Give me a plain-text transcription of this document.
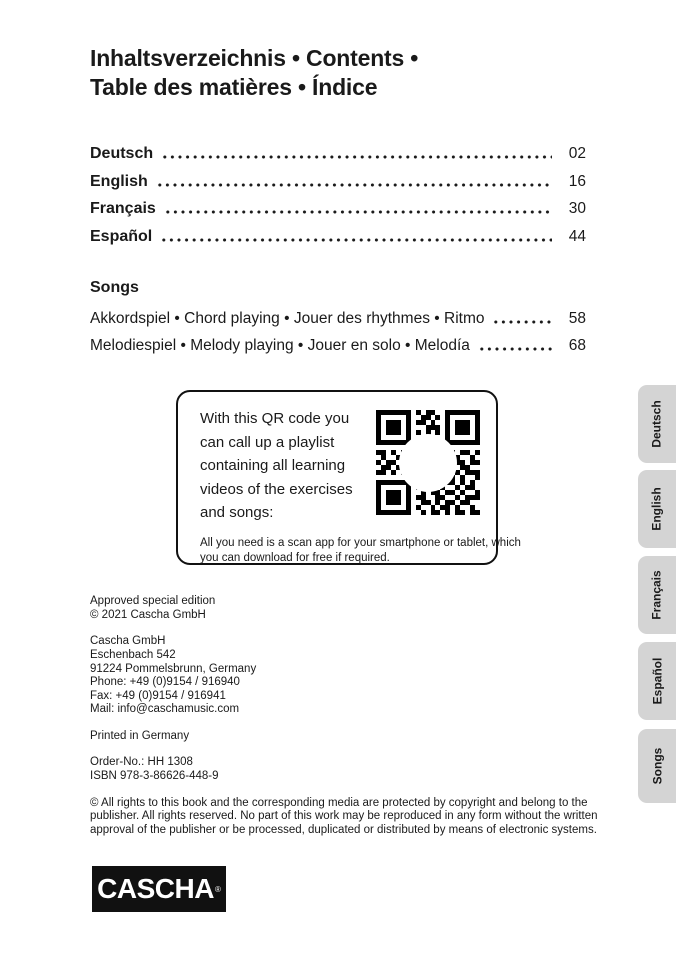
Inhaltsverzeichnis • Contents •
Table des matières • Índice
Deutsch	02
English	16
Français	30
Español	44
Songs
Akkordspiel • Chord playing • Jouer des rhythmes • Ritmo	58
Melodiespiel • Melody playing • Jouer en solo • Melodía	68
With this QR code you can call up a playlist containing all learning videos of the exercises and songs:
All you need is a scan app for your smartphone or tablet, which you can download for free if required.
Approved special edition
© 2021 Cascha GmbH
Cascha GmbH
Eschenbach 542
91224 Pommelsbrunn, Germany
Phone: +49 (0)9154 / 916940
Fax: +49 (0)9154 / 916941
Mail: info@caschamusic.com
Printed in Germany
Order-No.: HH 1308
ISBN 978-3-86626-448-9
© All rights to this book and the corresponding media are protected by copyright and belong to the publisher. All rights reserved. No part of this work may be reproduced in any form without the written approval of the publisher or be processed, duplicated or distributed by means of electronic systems.
CASCHA ®
Deutsch
English
Français
Español
Songs
